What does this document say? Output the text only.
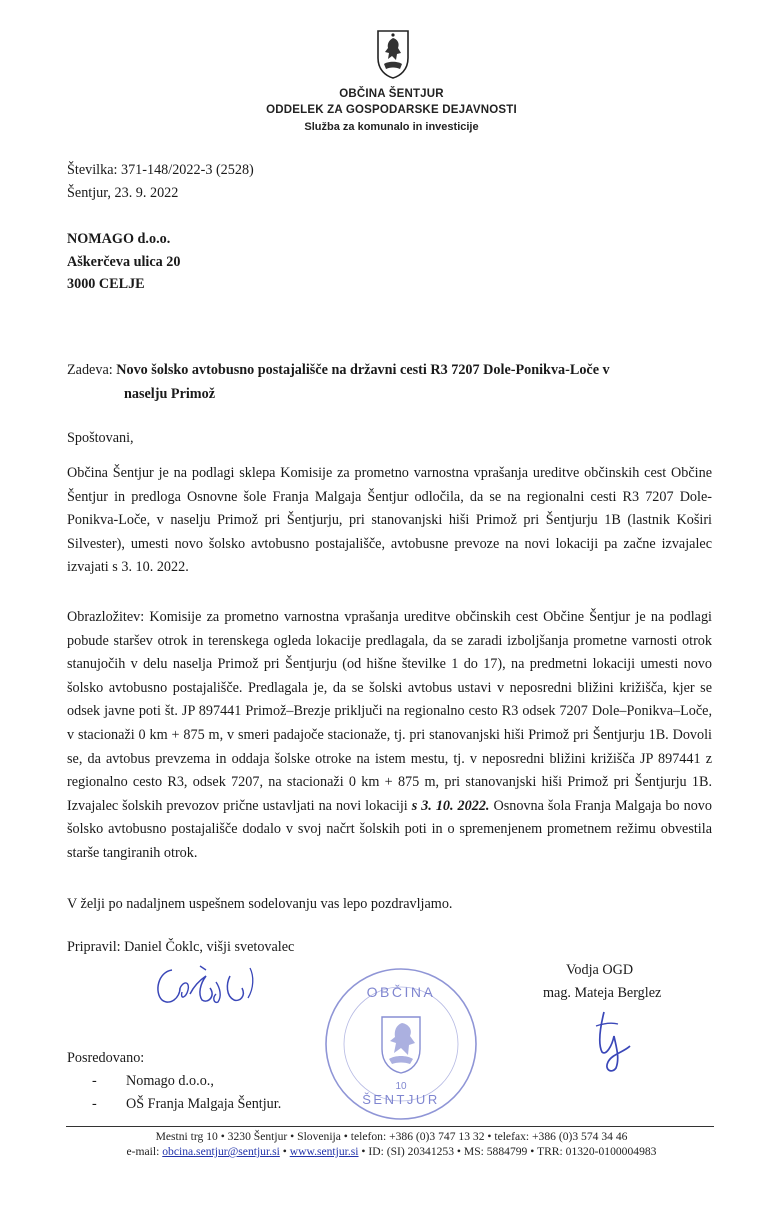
OBČINA ŠENTJUR
ODDELEK ZA GOSPODARSKE DEJAVNOSTI
Služba za komunalo in investicije
Številka: 371-148/2022-3 (2528)
Šentjur, 23. 9. 2022
NOMAGO d.o.o.
Aškerčeva ulica 20
3000 CELJE
Zadeva: Novo šolsko avtobusno postajališče na državni cesti R3 7207 Dole-Ponikva-Loče v
naselju Primož
Spoštovani,
Občina Šentjur je na podlagi sklepa Komisije za prometno varnostna vprašanja ureditve občinskih cest Občine Šentjur in predloga Osnovne šole Franja Malgaja Šentjur odločila, da se na regionalni cesti R3 7207 Dole-Ponikva-Loče, v naselju Primož pri Šentjurju, pri stanovanjski hiši Primož pri Šentjurju 1B (lastnik Koširi Silvester), umesti novo šolsko avtobusno postajališče, avtobusne prevoze na novi lokaciji pa začne izvajalec izvajati s 3. 10. 2022.
Obrazložitev: Komisije za prometno varnostna vprašanja ureditve občinskih cest Občine Šentjur je na podlagi pobude staršev otrok in terenskega ogleda lokacije predlagala, da se zaradi izboljšanja prometne varnosti otrok stanujočih v delu naselja Primož pri Šentjurju (od hišne številke 1 do 17), na predmetni lokaciji umesti novo šolsko avtobusno postajališče. Predlagala je, da se šolski avtobus ustavi v neposredni bližini križišča, kjer se odsek javne poti št. JP 897441 Primož–Brezje priključi na regionalno cesto R3 odsek 7207 Dole–Ponikva–Loče, v stacionaži 0 km + 875 m, v smeri padajoče stacionaže, tj. pri stanovanjski hiši Primož pri Šentjurju 1B. Dovoli se, da avtobus prevzema in oddaja šolske otroke na istem mestu, tj. v neposredni bližini križišča JP 897441 z regionalno cesto R3, odsek 7207, na stacionaži 0 km + 875 m, pri stanovanjski hiši Primož pri Šentjurju 1B. Izvajalec šolskih prevozov prične ustavljati na novi lokaciji s 3. 10. 2022. Osnovna šola Franja Malgaja bo novo šolsko avtobusno postajališče dodalo v svoj načrt šolskih poti in o spremenjenem prometnem režimu obvestila starše tangiranih otrok.
V želji po nadaljnem uspešnem sodelovanju vas lepo pozdravljamo.
Pripravil: Daniel Čoklc, višji svetovalec
Vodja OGD
mag. Mateja Berglez
OBČINA
10
ŠENTJUR
Posredovano:
- Nomago d.o.o.,
- OŠ Franja Malgaja Šentjur.
Mestni trg 10 • 3230 Šentjur • Slovenija • telefon: +386 (0)3 747 13 32 • telefax: +386 (0)3 574 34 46
e-mail: obcina.sentjur@sentjur.si • www.sentjur.si • ID: (SI) 20341253 • MS: 5884799 • TRR: 01320-0100004983
